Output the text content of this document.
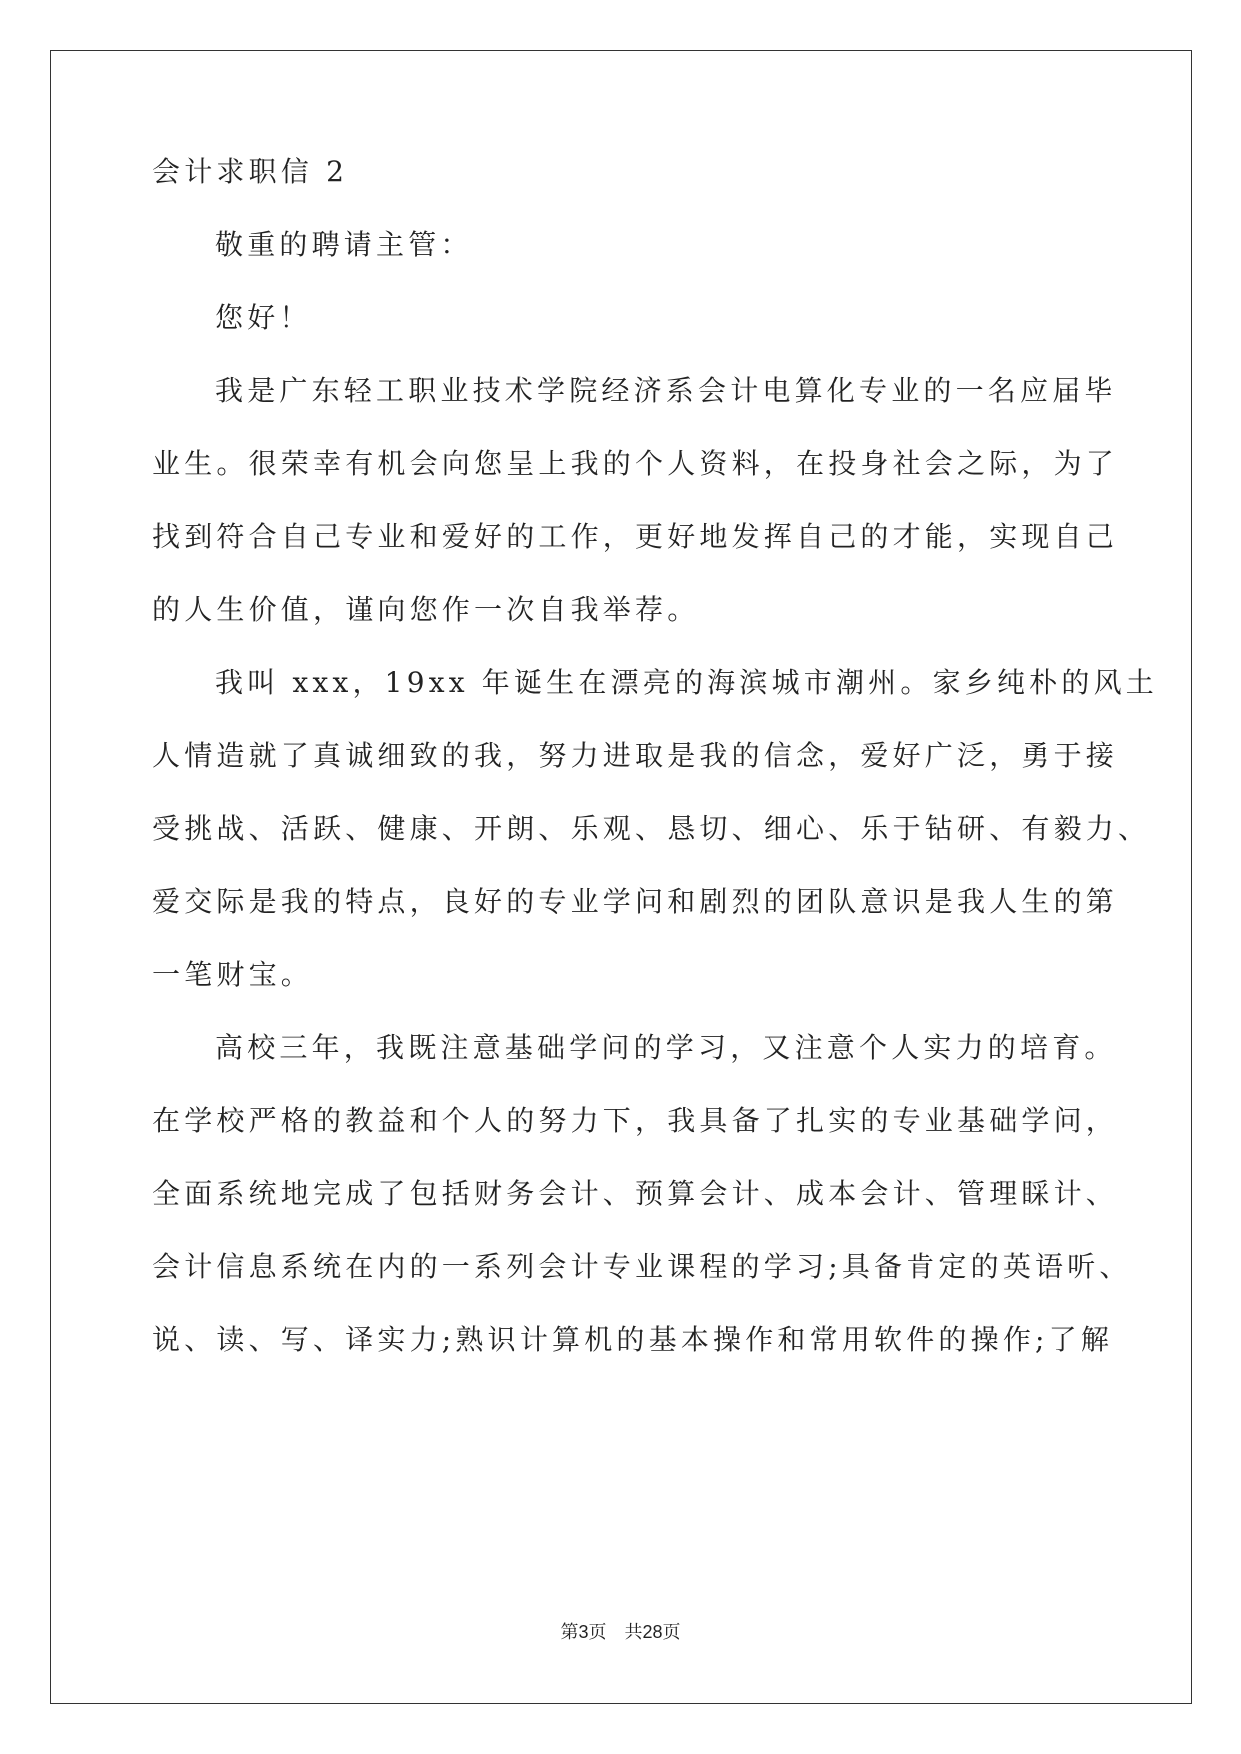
会计求职信 2
敬重的聘请主管：
您好！
我是广东轻工职业技术学院经济系会计电算化专业的一名应届毕
业生。很荣幸有机会向您呈上我的个人资料，在投身社会之际，为了
找到符合自己专业和爱好的工作，更好地发挥自己的才能，实现自己
的人生价值，谨向您作一次自我举荐。
我叫 xxx，19xx 年诞生在漂亮的海滨城市潮州。家乡纯朴的风土
人情造就了真诚细致的我，努力进取是我的信念，爱好广泛，勇于接
受挑战、活跃、健康、开朗、乐观、恳切、细心、乐于钻研、有毅力、
爱交际是我的特点，良好的专业学问和剧烈的团队意识是我人生的第
一笔财宝。
高校三年，我既注意基础学问的学习，又注意个人实力的培育。
在学校严格的教益和个人的努力下，我具备了扎实的专业基础学问，
全面系统地完成了包括财务会计、预算会计、成本会计、管理睬计、
会计信息系统在内的一系列会计专业课程的学习;具备肯定的英语听、
说、读、写、译实力;熟识计算机的基本操作和常用软件的操作;了解
第3页    共28页
